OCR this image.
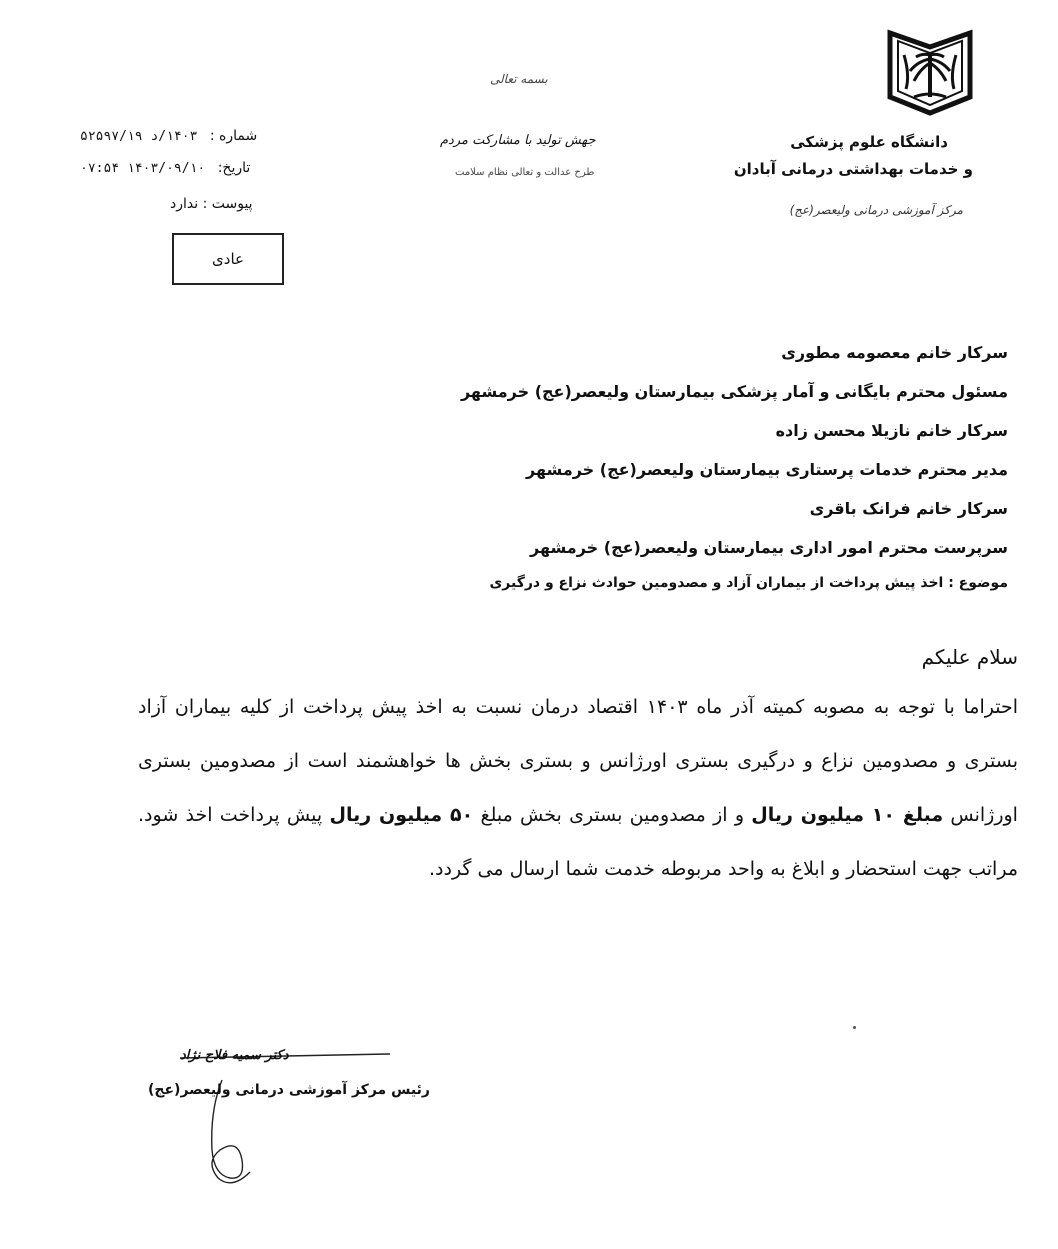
دانشگاه علوم پزشکی
و خدمات بهداشتی درمانی آبادان
مرکز آموزشی درمانی ولیعصر(عج)
بسمه تعالی
جهش تولید با مشارکت مردم
طرح عدالت و تعالی نظام سلامت
شماره : ۱۴۰۳/د ۵۲۵۹۷/۱۹
تاریخ: ۱۴۰۳/۰۹/۱۰ ۰۷:۵۴
پیوست : ندارد
عادی
سرکار خانم معصومه مطوری
مسئول محترم بایگانی و آمار پزشکی بیمارستان ولیعصر(عج) خرمشهر
سرکار خانم نازیلا محسن زاده
مدیر محترم خدمات پرستاری بیمارستان ولیعصر(عج) خرمشهر
سرکار خانم فرانک باقری
سرپرست محترم امور اداری بیمارستان ولیعصر(عج) خرمشهر
موضوع : اخذ پیش پرداخت از بیماران آزاد و مصدومین حوادث نزاع و درگیری
سلام علیکم
احتراما با توجه به مصوبه کمیته آذر ماه ۱۴۰۳ اقتصاد درمان نسبت به اخذ پیش پرداخت از کلیه بیماران آزاد بستری و مصدومین نزاع و درگیری بستری اورژانس و بستری بخش ها خواهشمند است از مصدومین بستری اورژانس مبلغ ۱۰ میلیون ریال و از مصدومین بستری بخش مبلغ ۵۰ میلیون ریال پیش پرداخت اخذ شود. مراتب جهت استحضار و ابلاغ به واحد مربوطه خدمت شما ارسال می گردد.
دکتر سمیه فلاح نژاد
رئیس مرکز آموزشی درمانی ولیعصر(عج)
